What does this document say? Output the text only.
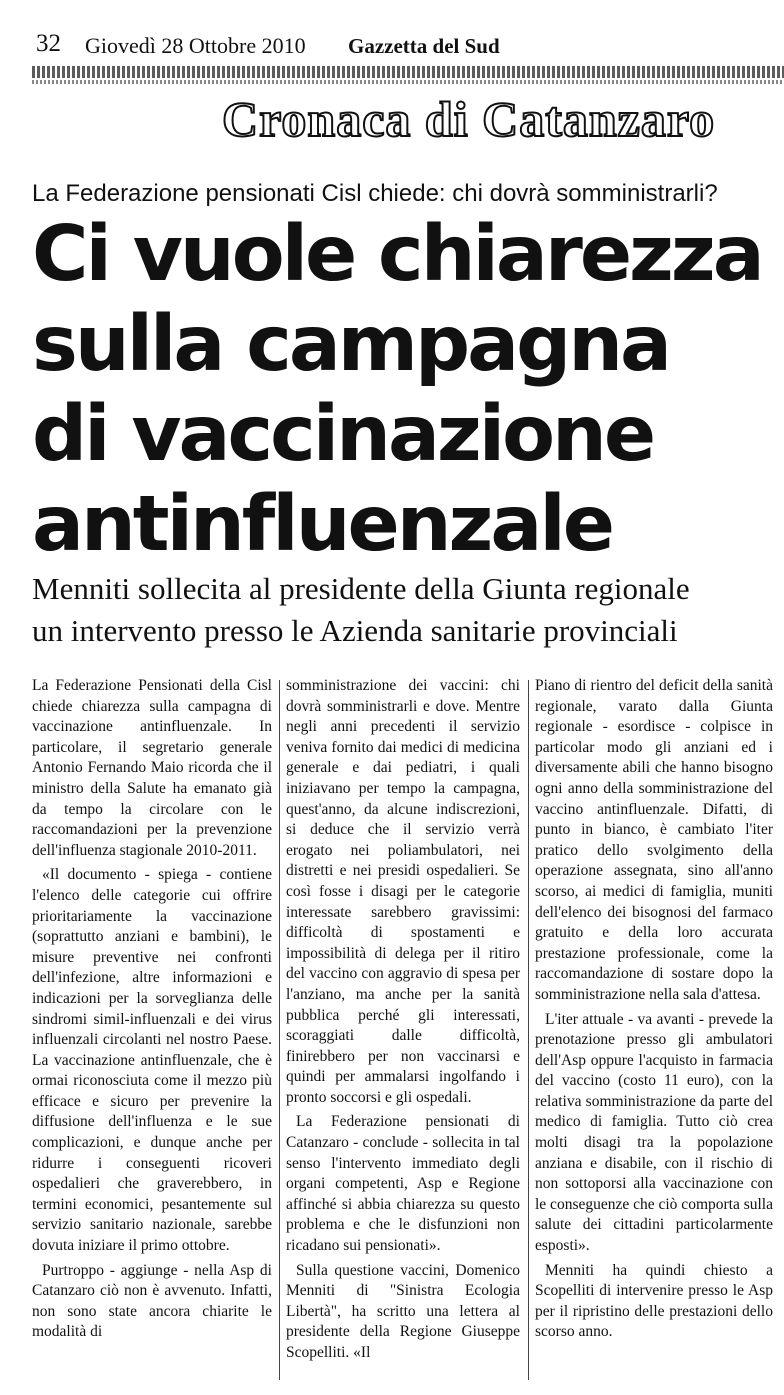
32 Giovedì 28 Ottobre 2010 Gazzetta del Sud
Cronaca di Catanzaro
La Federazione pensionati Cisl chiede: chi dovrà somministrarli?
Ci vuole chiarezza
sulla campagna
di vaccinazione
antinfluenzale
Menniti sollecita al presidente della Giunta regionale
un intervento presso le Azienda sanitarie provinciali

La Federazione Pensionati della Cisl chiede chiarezza sulla campagna di vaccinazione antinfluenzale. In particolare, il segretario generale Antonio Fernando Maio ricorda che il ministro della Salute ha emanato già da tempo la circolare con le raccomandazioni per la prevenzione dell'influenza stagionale 2010-2011.

«Il documento - spiega - contiene l'elenco delle categorie cui offrire prioritariamente la vaccinazione (soprattutto anziani e bambini), le misure preventive nei confronti dell'infezione, altre informazioni e indicazioni per la sorveglianza delle sindromi simil-influenzali e dei virus influenzali circolanti nel nostro Paese. La vaccinazione antinfluenzale, che è ormai riconosciuta come il mezzo più efficace e sicuro per prevenire la diffusione dell'influenza e le sue complicazioni, e dunque anche per ridurre i conseguenti ricoveri ospedalieri che graverebbero, in termini economici, pesantemente sul servizio sanitario nazionale, sarebbe dovuta iniziare il primo ottobre.

Purtroppo - aggiunge - nella Asp di Catanzaro ciò non è avvenuto. Infatti, non sono state ancora chiarite le modalità di

somministrazione dei vaccini: chi dovrà somministrarli e dove. Mentre negli anni precedenti il servizio veniva fornito dai medici di medicina generale e dai pediatri, i quali iniziavano per tempo la campagna, quest'anno, da alcune indiscrezioni, si deduce che il servizio verrà erogato nei poliambulatori, nei distretti e nei presidi ospedalieri. Se così fosse i disagi per le categorie interessate sarebbero gravissimi: difficoltà di spostamenti e impossibilità di delega per il ritiro del vaccino con aggravio di spesa per l'anziano, ma anche per la sanità pubblica perché gli interessati, scoraggiati dalle difficoltà, finirebbero per non vaccinarsi e quindi per ammalarsi ingolfando i pronto soccorsi e gli ospedali.

La Federazione pensionati di Catanzaro - conclude - sollecita in tal senso l'intervento immediato degli organi competenti, Asp e Regione affinché si abbia chiarezza su questo problema e che le disfunzioni non ricadano sui pensionati».

Sulla questione vaccini, Domenico Menniti di "Sinistra Ecologia Libertà", ha scritto una lettera al presidente della Regione Giuseppe Scopelliti. «Il

Piano di rientro del deficit della sanità regionale, varato dalla Giunta regionale - esordisce - colpisce in particolar modo gli anziani ed i diversamente abili che hanno bisogno ogni anno della somministrazione del vaccino antinfluenzale. Difatti, di punto in bianco, è cambiato l'iter pratico dello svolgimento della operazione assegnata, sino all'anno scorso, ai medici di famiglia, muniti dell'elenco dei bisognosi del farmaco gratuito e della loro accurata prestazione professionale, come la raccomandazione di sostare dopo la somministrazione nella sala d'attesa.

L'iter attuale - va avanti - prevede la prenotazione presso gli ambulatori dell'Asp oppure l'acquisto in farmacia del vaccino (costo 11 euro), con la relativa somministrazione da parte del medico di famiglia. Tutto ciò crea molti disagi tra la popolazione anziana e disabile, con il rischio di non sottoporsi alla vaccinazione con le conseguenze che ciò comporta sulla salute dei cittadini particolarmente esposti».

Menniti ha quindi chiesto a Scopelliti di intervenire presso le Asp per il ripristino delle prestazioni dello scorso anno.
